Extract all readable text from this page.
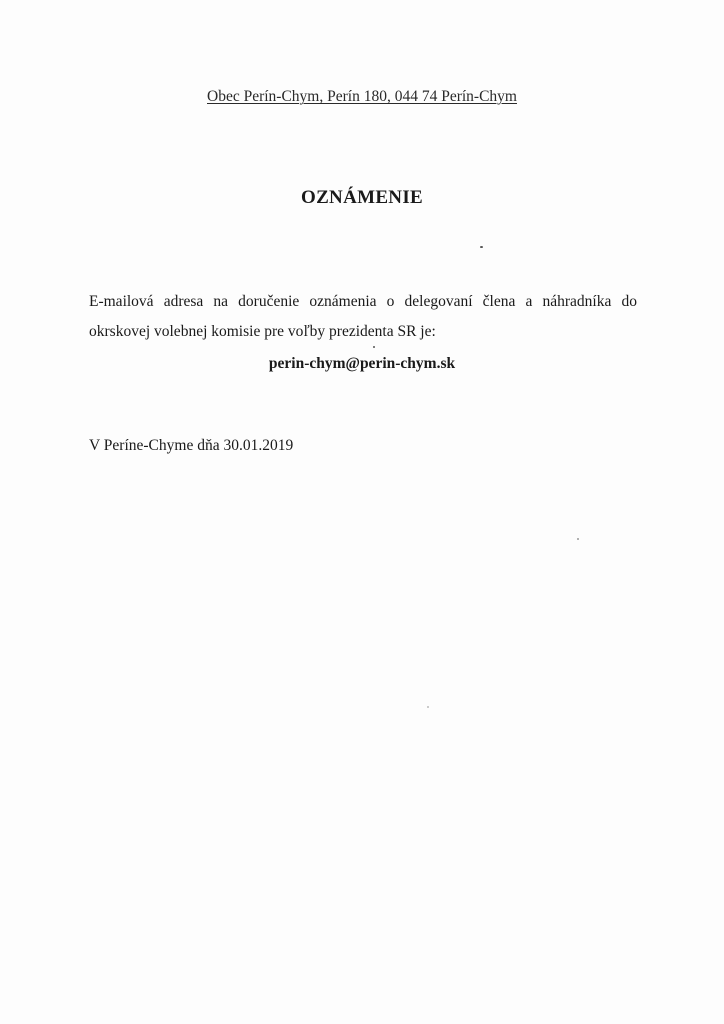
Obec Perín-Chym, Perín 180, 044 74 Perín-Chym
OZNÁMENIE
E-mailová adresa na doručenie oznámenia o delegovaní člena a náhradníka do okrskovej volebnej komisie pre voľby prezidenta SR je:
perin-chym@perin-chym.sk
V Períne-Chyme dňa 30.01.2019
